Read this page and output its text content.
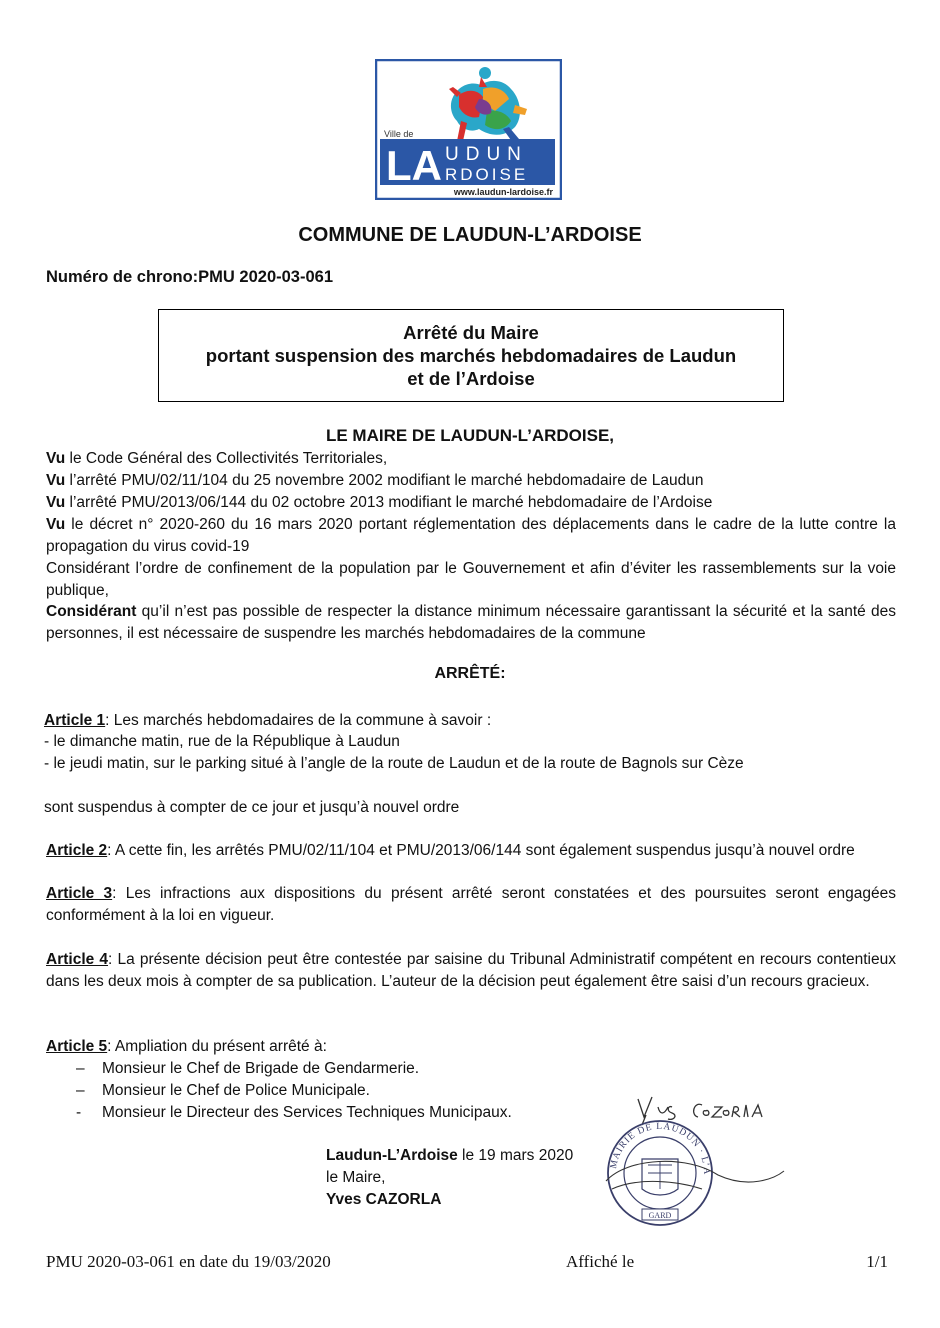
Ville de
LA UDUN
RDOISE
www.laudun-lardoise.fr
COMMUNE DE LAUDUN-L’ARDOISE
Numéro de chrono:PMU 2020-03-061
Arrêté du Maire
portant suspension des marchés hebdomadaires de Laudun
et de l’Ardoise
LE MAIRE DE LAUDUN-L’ARDOISE,
Vu le Code Général des Collectivités Territoriales,
Vu l’arrêté PMU/02/11/104 du 25 novembre 2002 modifiant le marché hebdomadaire de Laudun
Vu l’arrêté PMU/2013/06/144 du 02 octobre 2013 modifiant le marché hebdomadaire de l’Ardoise
Vu le décret n° 2020-260 du 16 mars 2020 portant réglementation des déplacements dans le cadre de la lutte contre la
propagation du virus covid-19
Considérant l’ordre de confinement de la population par le Gouvernement et afin d’éviter les rassemblements sur la voie
publique,
Considérant qu’il n’est pas possible de respecter la distance minimum nécessaire garantissant la sécurité et la santé des
personnes, il est nécessaire de suspendre les marchés hebdomadaires de la commune
ARRÊTÉ:
Article 1: Les marchés hebdomadaires de la commune à savoir :
- le dimanche matin, rue de la République à Laudun
- le jeudi matin, sur le parking situé à l’angle de la route de Laudun et de la route de Bagnols sur Cèze
sont suspendus à compter de ce jour et jusqu’à nouvel ordre
Article 2: A cette fin, les arrêtés PMU/02/11/104 et PMU/2013/06/144 sont également suspendus jusqu’à nouvel ordre
Article 3: Les infractions aux dispositions du présent arrêté seront constatées et des poursuites seront engagées
conformément à la loi en vigueur.
Article 4: La présente décision peut être contestée par saisine du Tribunal Administratif compétent en recours contentieux
dans les deux mois à compter de sa publication. L’auteur de la décision peut également être saisi d’un recours gracieux.
Article 5: Ampliation du présent arrêté à:
– Monsieur le Chef de Brigade de Gendarmerie.
– Monsieur le Chef de Police Municipale.
- Monsieur le Directeur des Services Techniques Municipaux.
MAIRIE DE LAUDUN · L’A
GARD
Laudun-L’Ardoise le 19 mars 2020
le Maire,
Yves CAZORLA
PMU 2020-03-061 en date du 19/03/2020	Affiché le	1/1
